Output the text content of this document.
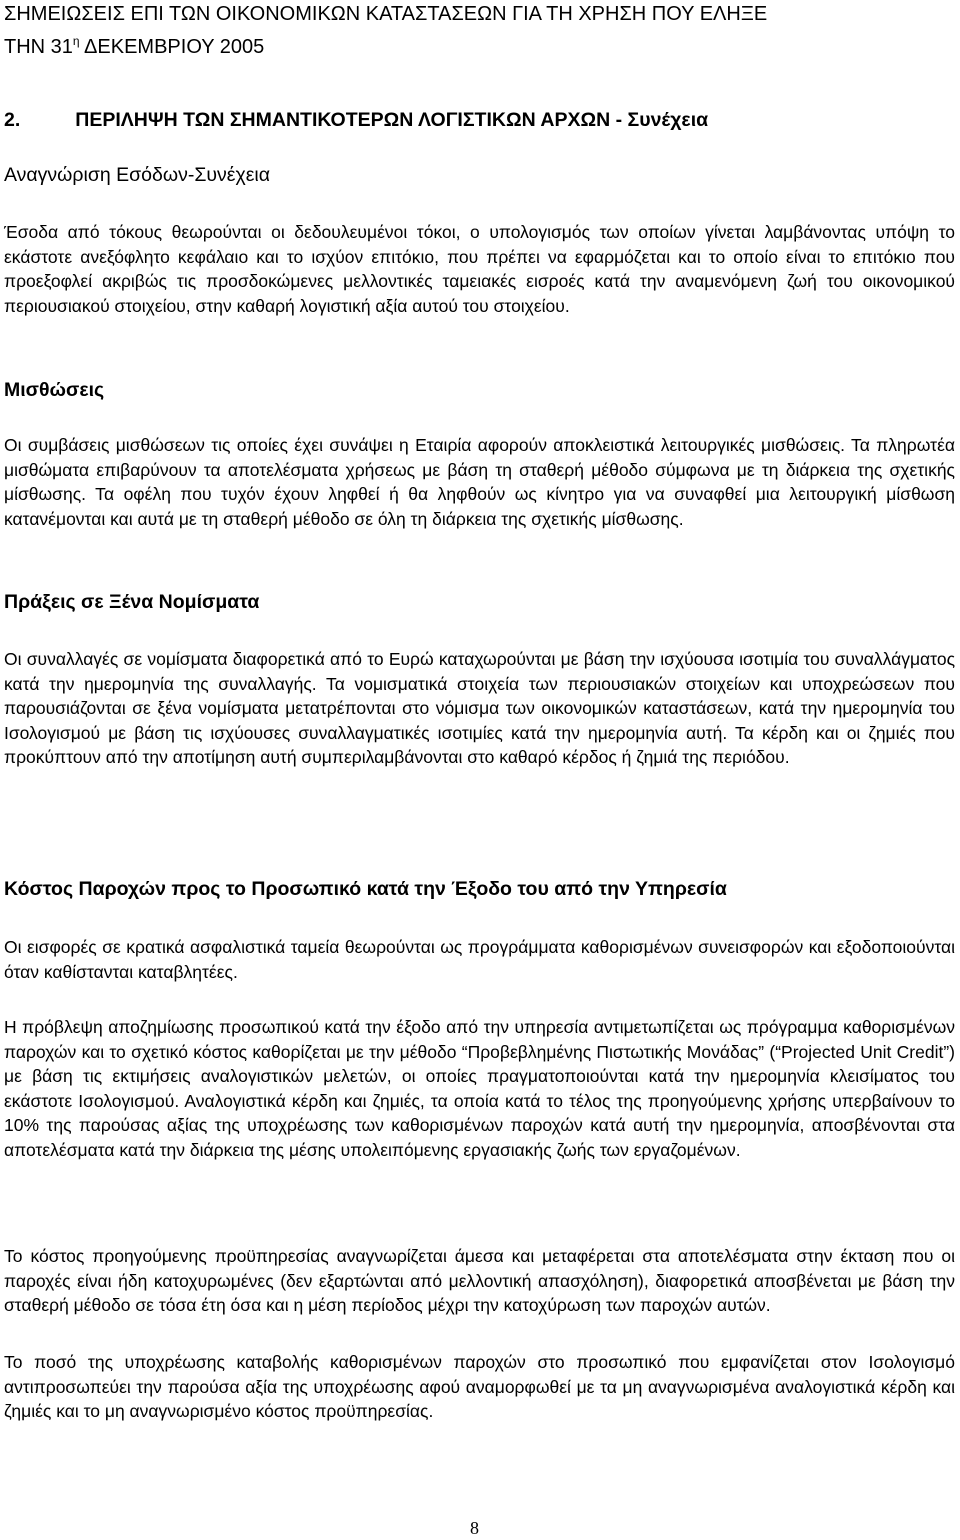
ΣΗΜΕΙΩΣΕΙΣ ΕΠΙ ΤΩΝ ΟΙΚΟΝΟΜΙΚΩΝ ΚΑΤΑΣΤΑΣΕΩΝ ΓΙΑ ΤΗ ΧΡΗΣΗ ΠΟΥ ΕΛΗΞΕ
ΤΗΝ $31^\eta$ ΔΕΚΕΜΒΡΙΟΥ 2005
2.	ΠΕΡΙΛΗΨΗ ΤΩΝ ΣΗΜΑΝΤΙΚΟΤΕΡΩΝ ΛΟΓΙΣΤΙΚΩΝ ΑΡΧΩΝ - Συνέχεια
Αναγνώριση Εσόδων-Συνέχεια

Έσοδα από τόκους θεωρούνται οι δεδουλευμένοι τόκοι, ο υπολογισμός των οποίων γίνεται λαμβάνοντας υπόψη το εκάστοτε ανεξόφλητο κεφάλαιο και το ισχύον επιτόκιο, που πρέπει να εφαρμόζεται και το οποίο είναι το επιτόκιο που προεξοφλεί ακριβώς τις προσδοκώμενες μελλοντικές ταμειακές εισροές κατά την αναμενόμενη ζωή του οικονομικού περιουσιακού στοιχείου, στην καθαρή λογιστική αξία αυτού του στοιχείου.

Μισθώσεις

Οι συμβάσεις μισθώσεων τις οποίες έχει συνάψει η Εταιρία αφορούν αποκλειστικά λειτουργικές μισθώσεις. Τα πληρωτέα μισθώματα επιβαρύνουν τα αποτελέσματα χρήσεως με βάση τη σταθερή μέθοδο σύμφωνα με τη διάρκεια της σχετικής μίσθωσης. Τα οφέλη που τυχόν έχουν ληφθεί ή θα ληφθούν ως κίνητρο για να συναφθεί μια λειτουργική μίσθωση κατανέμονται και αυτά με τη σταθερή μέθοδο σε όλη τη διάρκεια της σχετικής μίσθωσης.

Πράξεις σε Ξένα Νομίσματα

Οι συναλλαγές σε νομίσματα διαφορετικά από το Ευρώ καταχωρούνται με βάση την ισχύουσα ισοτιμία του συναλλάγματος κατά την ημερομηνία της συναλλαγής. Τα νομισματικά στοιχεία των περιουσιακών στοιχείων και υποχρεώσεων που παρουσιάζονται σε ξένα νομίσματα μετατρέπονται στο νόμισμα των οικονομικών καταστάσεων, κατά την ημερομηνία του Ισολογισμού με βάση τις ισχύουσες συναλλαγματικές ισοτιμίες κατά την ημερομηνία αυτή. Τα κέρδη και οι ζημιές που προκύπτουν από την αποτίμηση αυτή συμπεριλαμβάνονται στο καθαρό κέρδος ή ζημιά της περιόδου.

Κόστος Παροχών προς το Προσωπικό κατά την Έξοδο του από την Υπηρεσία

Οι εισφορές σε κρατικά ασφαλιστικά ταμεία θεωρούνται ως προγράμματα καθορισμένων συνεισφορών και εξοδοποιούνται όταν καθίστανται καταβλητέες.

Η πρόβλεψη αποζημίωσης προσωπικού κατά την έξοδο από την υπηρεσία αντιμετωπίζεται ως πρόγραμμα καθορισμένων παροχών και το σχετικό κόστος καθορίζεται με την μέθοδο “Προβεβλημένης Πιστωτικής Μονάδας” (“Projected Unit Credit”) με βάση τις εκτιμήσεις αναλογιστικών μελετών, οι οποίες πραγματοποιούνται κατά την ημερομηνία κλεισίματος του εκάστοτε Ισολογισμού. Αναλογιστικά κέρδη και ζημιές, τα οποία κατά το τέλος της προηγούμενης χρήσης υπερβαίνουν το 10% της παρούσας αξίας της υποχρέωσης των καθορισμένων παροχών κατά αυτή την ημερομηνία, αποσβένονται στα αποτελέσματα κατά την διάρκεια της μέσης υπολειπόμενης εργασιακής ζωής των εργαζομένων.

Το κόστος προηγούμενης προϋπηρεσίας αναγνωρίζεται άμεσα και μεταφέρεται στα αποτελέσματα στην έκταση που οι παροχές είναι ήδη κατοχυρωμένες (δεν εξαρτώνται από μελλοντική απασχόληση), διαφορετικά αποσβένεται με βάση την σταθερή μέθοδο σε τόσα έτη όσα και η μέση περίοδος μέχρι την κατοχύρωση των παροχών αυτών.

Το ποσό της υποχρέωσης καταβολής καθορισμένων παροχών στο προσωπικό που εμφανίζεται στον Ισολογισμό αντιπροσωπεύει την παρούσα αξία της υποχρέωσης αφού αναμορφωθεί με τα μη αναγνωρισμένα αναλογιστικά κέρδη και ζημιές και το μη αναγνωρισμένο κόστος προϋπηρεσίας.

8
